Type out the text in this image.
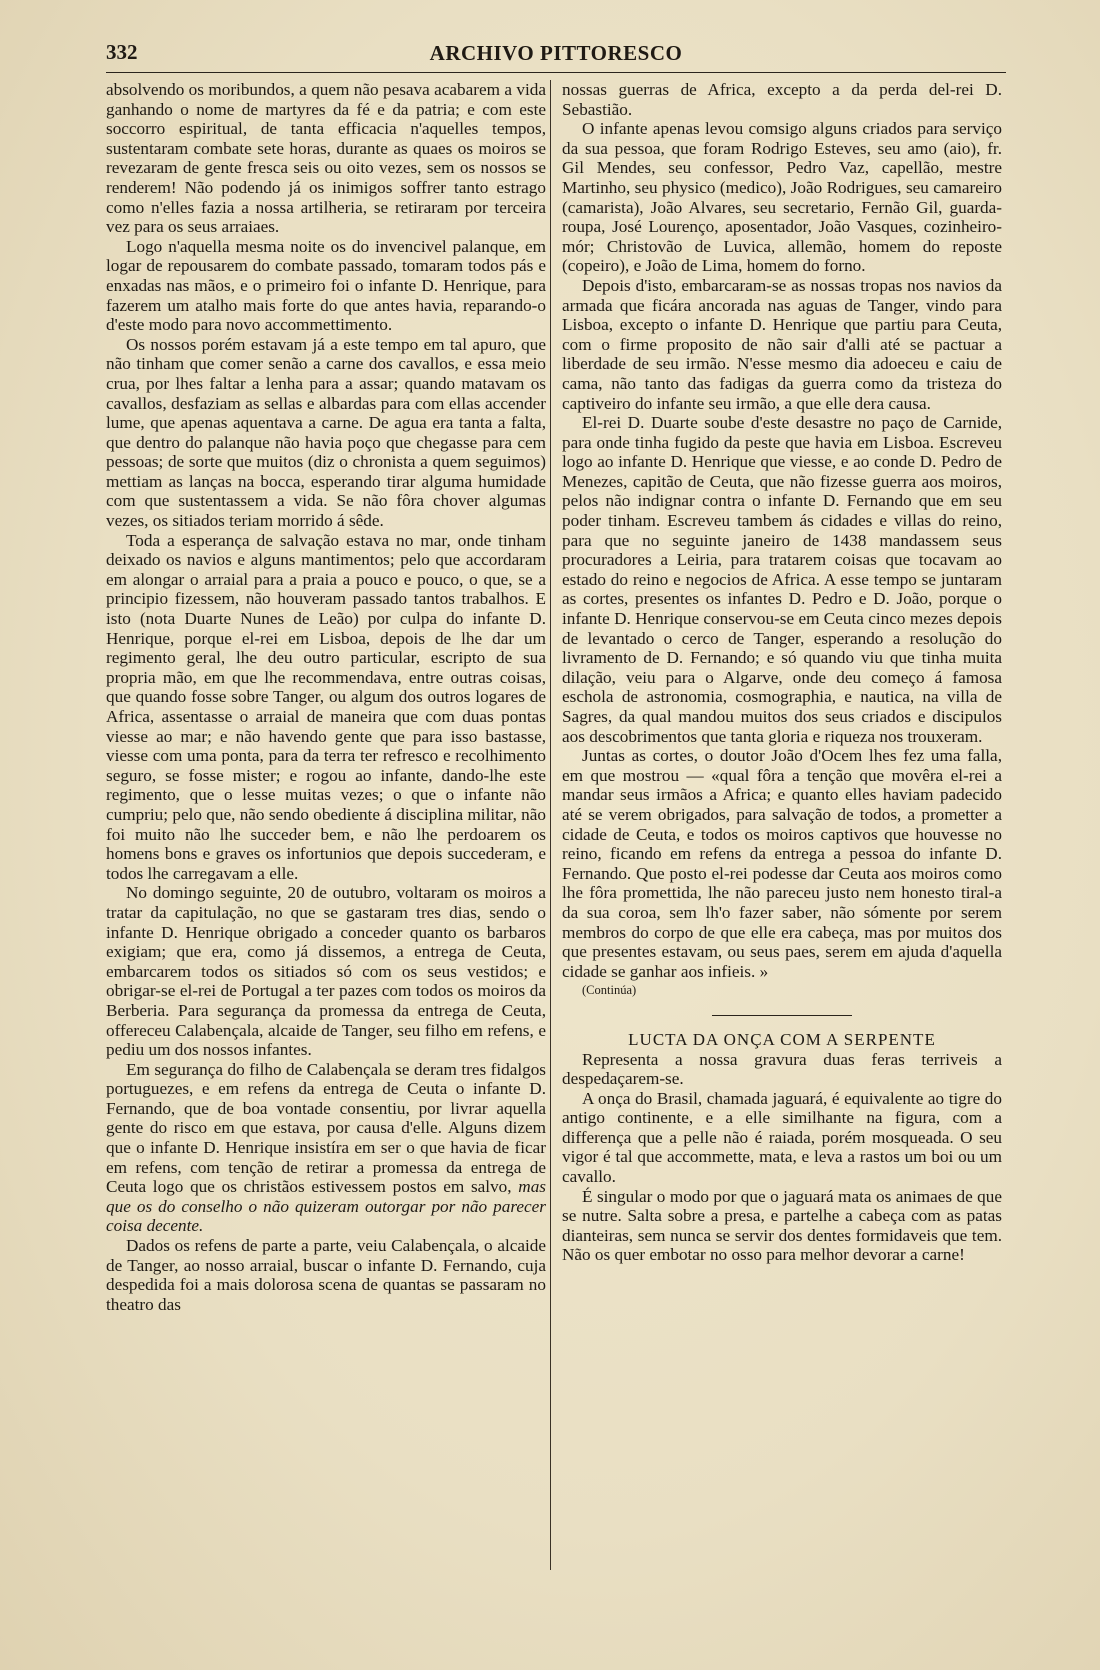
332	ARCHIVO PITTORESCO

absolvendo os moribundos, a quem não pesava acabarem a vida ganhando o nome de martyres da fé e da patria; e com este soccorro espiritual, de tanta efficacia n'aquelles tempos, sustentaram combate sete horas, durante as quaes os moiros se revezaram de gente fresca seis ou oito vezes, sem os nossos se renderem! Não podendo já os inimigos soffrer tanto estrago como n'elles fazia a nossa artilheria, se retiraram por terceira vez para os seus arraiaes.

Logo n'aquella mesma noite os do invencivel palanque, em logar de repousarem do combate passado, tomaram todos pás e enxadas nas mãos, e o primeiro foi o infante D. Henrique, para fazerem um atalho mais forte do que antes havia, reparando-o d'este modo para novo accommettimento.

Os nossos porém estavam já a este tempo em tal apuro, que não tinham que comer senão a carne dos cavallos, e essa meio crua, por lhes faltar a lenha para a assar; quando matavam os cavallos, desfaziam as sellas e albardas para com ellas accender lume, que apenas aquentava a carne. De agua era tanta a falta, que dentro do palanque não havia poço que chegasse para cem pessoas; de sorte que muitos (diz o chronista a quem seguimos) mettiam as lanças na bocca, esperando tirar alguma humidade com que sustentassem a vida. Se não fôra chover algumas vezes, os sitiados teriam morrido á sêde.

Toda a esperança de salvação estava no mar, onde tinham deixado os navios e alguns mantimentos; pelo que accordaram em alongar o arraial para a praia a pouco e pouco, o que, se a principio fizessem, não houveram passado tantos trabalhos. E isto (nota Duarte Nunes de Leão) por culpa do infante D. Henrique, porque el-rei em Lisboa, depois de lhe dar um regimento geral, lhe deu outro particular, escripto de sua propria mão, em que lhe recommendava, entre outras coisas, que quando fosse sobre Tanger, ou algum dos outros logares de Africa, assentasse o arraial de maneira que com duas pontas viesse ao mar; e não havendo gente que para isso bastasse, viesse com uma ponta, para da terra ter refresco e recolhimento seguro, se fosse mister; e rogou ao infante, dando-lhe este regimento, que o lesse muitas vezes; o que o infante não cumpriu; pelo que, não sendo obediente á disciplina militar, não foi muito não lhe succeder bem, e não lhe perdoarem os homens bons e graves os infortunios que depois succederam, e todos lhe carregavam a elle.

No domingo seguinte, 20 de outubro, voltaram os moiros a tratar da capitulação, no que se gastaram tres dias, sendo o infante D. Henrique obrigado a conceder quanto os barbaros exigiam; que era, como já dissemos, a entrega de Ceuta, embarcarem todos os sitiados só com os seus vestidos; e obrigar-se el-rei de Portugal a ter pazes com todos os moiros da Berberia. Para segurança da promessa da entrega de Ceuta, offereceu Calabençala, alcaide de Tanger, seu filho em refens, e pediu um dos nossos infantes.

Em segurança do filho de Calabençala se deram tres fidalgos portuguezes, e em refens da entrega de Ceuta o infante D. Fernando, que de boa vontade consentiu, por livrar aquella gente do risco em que estava, por causa d'elle. Alguns dizem que o infante D. Henrique insistíra em ser o que havia de ficar em refens, com tenção de retirar a promessa da entrega de Ceuta logo que os christãos estivessem postos em salvo, mas que os do conselho o não quizeram outorgar por não parecer coisa decente.

Dados os refens de parte a parte, veiu Calabençala, o alcaide de Tanger, ao nosso arraial, buscar o infante D. Fernando, cuja despedida foi a mais dolorosa scena de quantas se passaram no theatro das

nossas guerras de Africa, excepto a da perda del-rei D. Sebastião.

O infante apenas levou comsigo alguns criados para serviço da sua pessoa, que foram Rodrigo Esteves, seu amo (aio), fr. Gil Mendes, seu confessor, Pedro Vaz, capellão, mestre Martinho, seu physico (medico), João Rodrigues, seu camareiro (camarista), João Alvares, seu secretario, Fernão Gil, guarda-roupa, José Lourenço, aposentador, João Vasques, cozinheiro-mór; Christovão de Luvica, allemão, homem do reposte (copeiro), e João de Lima, homem do forno.

Depois d'isto, embarcaram-se as nossas tropas nos navios da armada que ficára ancorada nas aguas de Tanger, vindo para Lisboa, excepto o infante D. Henrique que partiu para Ceuta, com o firme proposito de não sair d'alli até se pactuar a liberdade de seu irmão. N'esse mesmo dia adoeceu e caiu de cama, não tanto das fadigas da guerra como da tristeza do captiveiro do infante seu irmão, a que elle dera causa.

El-rei D. Duarte soube d'este desastre no paço de Carnide, para onde tinha fugido da peste que havia em Lisboa. Escreveu logo ao infante D. Henrique que viesse, e ao conde D. Pedro de Menezes, capitão de Ceuta, que não fizesse guerra aos moiros, pelos não indignar contra o infante D. Fernando que em seu poder tinham. Escreveu tambem ás cidades e villas do reino, para que no seguinte janeiro de 1438 mandassem seus procuradores a Leiria, para tratarem coisas que tocavam ao estado do reino e negocios de Africa. A esse tempo se juntaram as cortes, presentes os infantes D. Pedro e D. João, porque o infante D. Henrique conservou-se em Ceuta cinco mezes depois de levantado o cerco de Tanger, esperando a resolução do livramento de D. Fernando; e só quando viu que tinha muita dilação, veiu para o Algarve, onde deu começo á famosa eschola de astronomia, cosmographia, e nautica, na villa de Sagres, da qual mandou muitos dos seus criados e discipulos aos descobrimentos que tanta gloria e riqueza nos trouxeram.

Juntas as cortes, o doutor João d'Ocem lhes fez uma falla, em que mostrou — «qual fôra a tenção que movêra el-rei a mandar seus irmãos a Africa; e quanto elles haviam padecido até se verem obrigados, para salvação de todos, a prometter a cidade de Ceuta, e todos os moiros captivos que houvesse no reino, ficando em refens da entrega a pessoa do infante D. Fernando. Que posto el-rei podesse dar Ceuta aos moiros como lhe fôra promettida, lhe não pareceu justo nem honesto tiral-a da sua coroa, sem lh'o fazer saber, não sómente por serem membros do corpo de que elle era cabeça, mas por muitos dos que presentes estavam, ou seus paes, serem em ajuda d'aquella cidade se ganhar aos infieis. »

(Continúa)

LUCTA DA ONÇA COM A SERPENTE

Representa a nossa gravura duas feras terriveis a despedaçarem-se.

A onça do Brasil, chamada jaguará, é equivalente ao tigre do antigo continente, e a elle similhante na figura, com a differença que a pelle não é raiada, porém mosqueada. O seu vigor é tal que accommette, mata, e leva a rastos um boi ou um cavallo.

É singular o modo por que o jaguará mata os animaes de que se nutre. Salta sobre a presa, e partelhe a cabeça com as patas dianteiras, sem nunca se servir dos dentes formidaveis que tem. Não os quer embotar no osso para melhor devorar a carne!
